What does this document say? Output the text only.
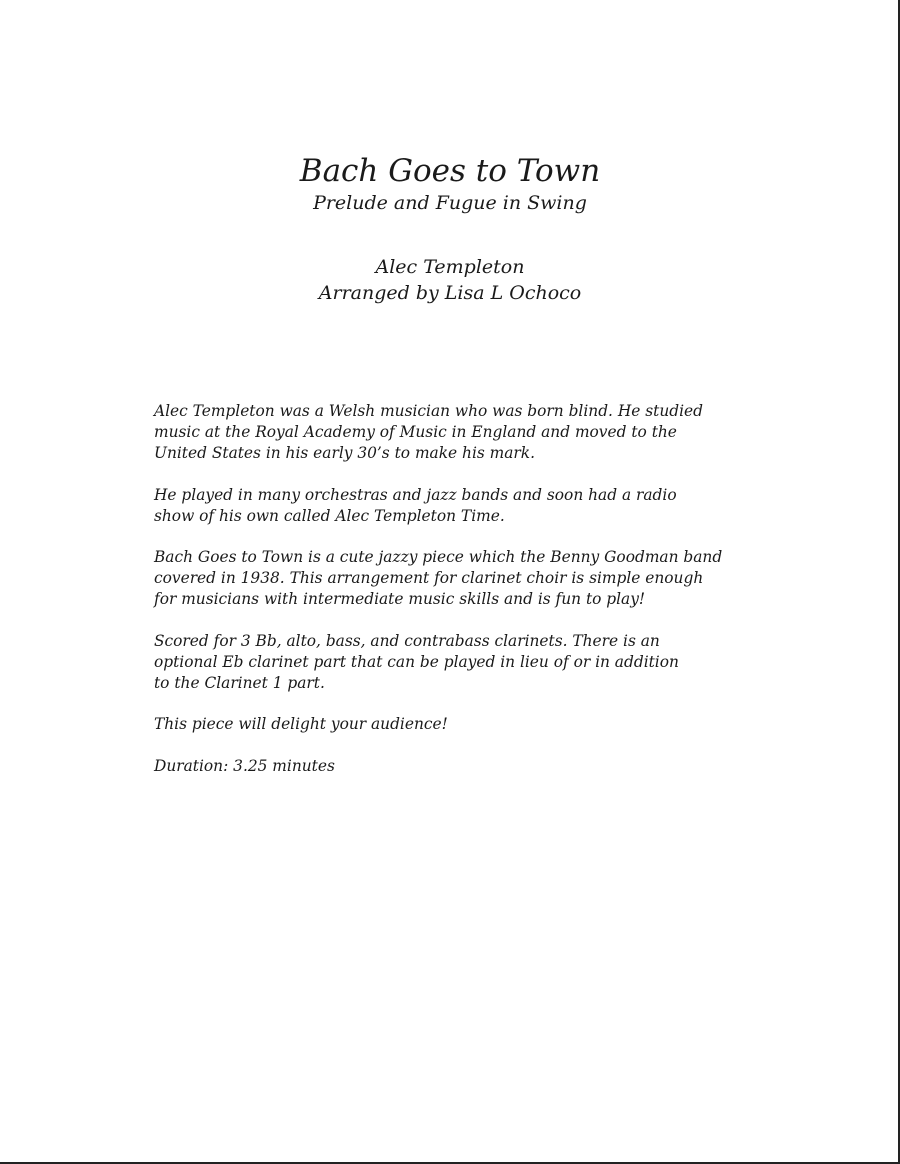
Bach Goes to Town
Prelude and Fugue in Swing
Alec Templeton
Arranged by Lisa L Ochoco

Alec Templeton was a Welsh musician who was born blind. He studied
music at the Royal Academy of Music in England and moved to the
United States in his early 30’s to make his mark.

He played in many orchestras and jazz bands and soon had a radio
show of his own called Alec Templeton Time.

Bach Goes to Town is a cute jazzy piece which the Benny Goodman band
covered in 1938. This arrangement for clarinet choir is simple enough
for musicians with intermediate music skills and is fun to play!

Scored for 3 Bb, alto, bass, and contrabass clarinets. There is an
optional Eb clarinet part that can be played in lieu of or in addition
to the Clarinet 1 part.

This piece will delight your audience!

Duration: 3.25 minutes
